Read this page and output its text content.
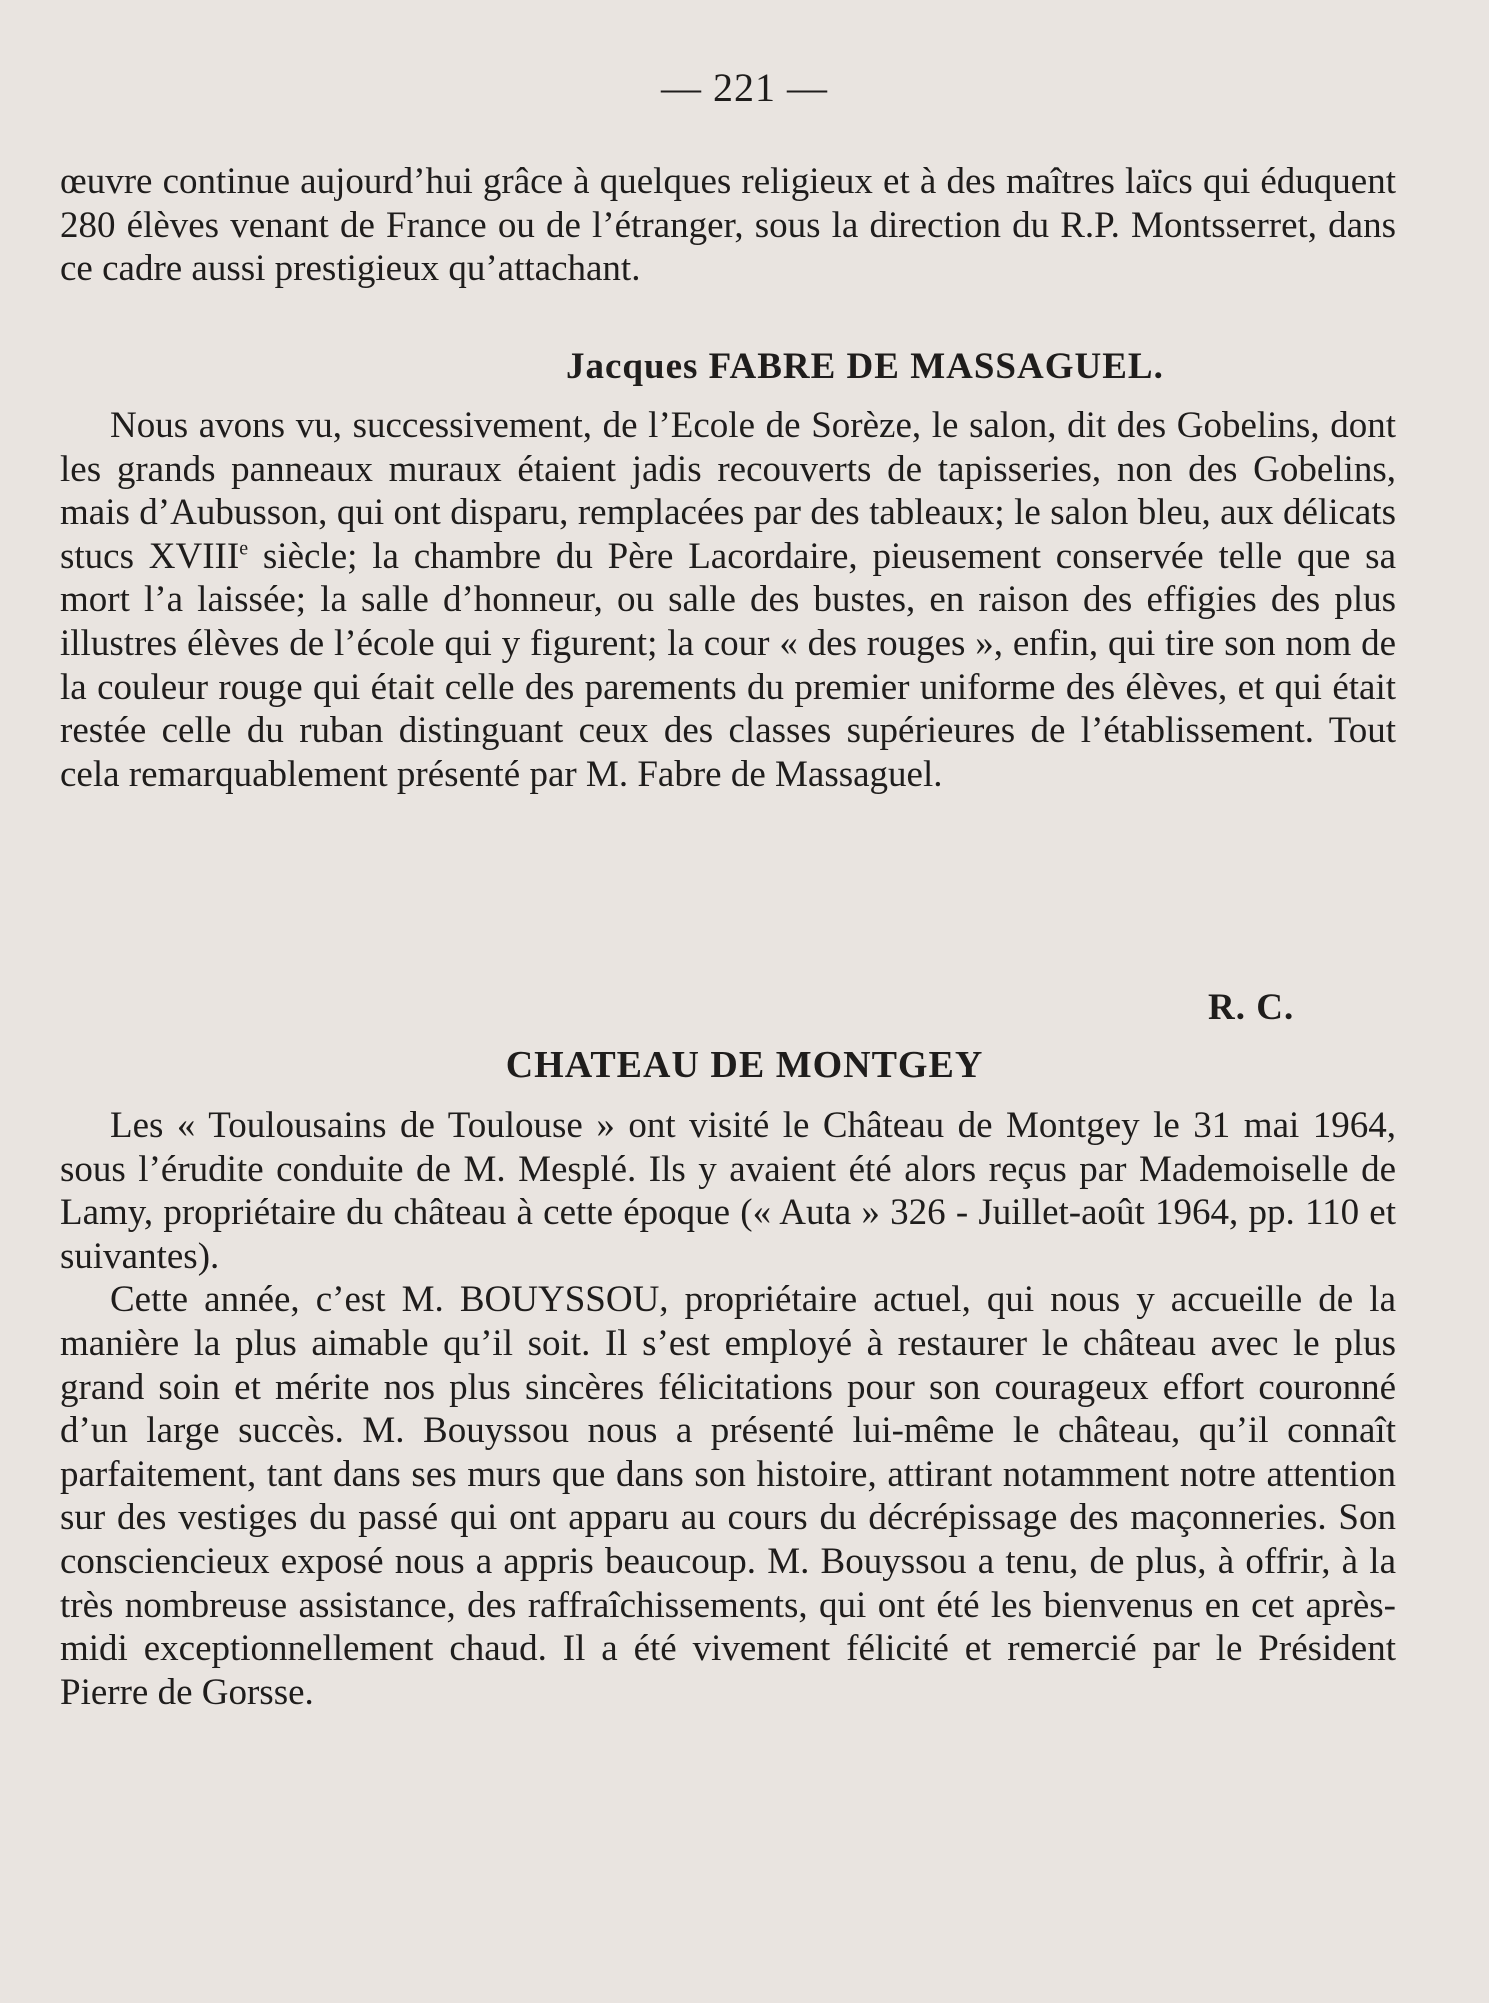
— 221 —

œuvre continue aujourd’hui grâce à quelques religieux et à des maîtres laïcs qui éduquent 280 élèves venant de France ou de l’étranger, sous la direction du R.P. Montsserret, dans ce cadre aussi prestigieux qu’attachant.

Jacques FABRE DE MASSAGUEL.

Nous avons vu, successivement, de l’Ecole de Sorèze, le salon, dit des Gobelins, dont les grands panneaux muraux étaient jadis recouverts de tapisseries, non des Gobelins, mais d’Aubusson, qui ont disparu, remplacées par des tableaux; le salon bleu, aux délicats stucs XVIIIe siècle; la chambre du Père Lacordaire, pieusement conservée telle que sa mort l’a laissée; la salle d’honneur, ou salle des bustes, en raison des effigies des plus illustres élèves de l’école qui y figurent; la cour « des rouges », enfin, qui tire son nom de la couleur rouge qui était celle des parements du premier uniforme des élèves, et qui était restée celle du ruban distinguant ceux des classes supérieures de l’établissement. Tout cela remarquablement présenté par M. Fabre de Massaguel.

R. C.
CHATEAU DE MONTGEY

Les « Toulousains de Toulouse » ont visité le Château de Montgey le 31 mai 1964, sous l’érudite conduite de M. Mesplé. Ils y avaient été alors reçus par Mademoiselle de Lamy, propriétaire du château à cette époque (« Auta » 326 - Juillet-août 1964, pp. 110 et suivantes).

Cette année, c’est M. BOUYSSOU, propriétaire actuel, qui nous y accueille de la manière la plus aimable qu’il soit. Il s’est employé à restaurer le château avec le plus grand soin et mérite nos plus sincères félicitations pour son courageux effort couronné d’un large succès. M. Bouyssou nous a présenté lui-même le château, qu’il connaît parfaitement, tant dans ses murs que dans son histoire, attirant notamment notre attention sur des vestiges du passé qui ont apparu au cours du décrépissage des maçonneries. Son consciencieux exposé nous a appris beaucoup. M. Bouyssou a tenu, de plus, à offrir, à la très nombreuse assistance, des raffraîchissements, qui ont été les bienvenus en cet après-midi exceptionnellement chaud. Il a été vivement félicité et remercié par le Président Pierre de Gorsse.
